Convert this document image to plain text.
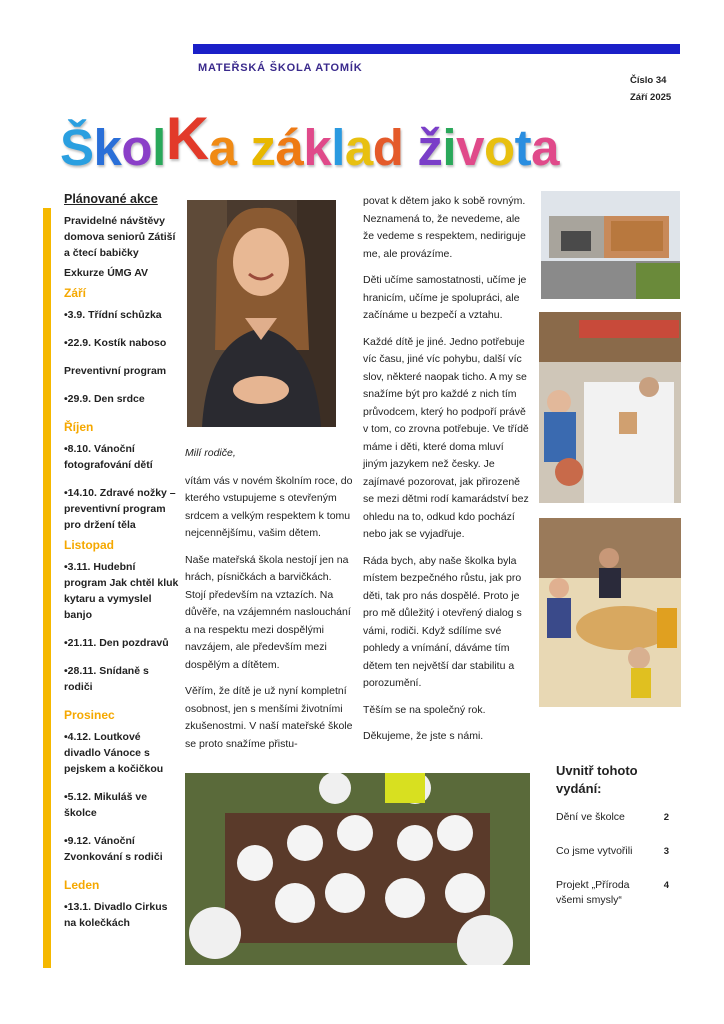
MATEŘSKÁ ŠKOLA ATOMÍK
Číslo 34
Září 2025
ŠkolKa základ života
Plánované akce
Pravidelné návštěvy domova seniorů Zátiší a čtecí babičky
Exkurze ÚMG AV
Září
•3.9. Třídní schůzka
•22.9. Kostík naboso
Preventivní program
•29.9. Den srdce
Říjen
•8.10. Vánoční fotografování dětí
•14.10. Zdravé nožky – preventivní program pro držení těla
Listopad
•3.11. Hudební program Jak chtěl kluk kytaru a vymyslel banjo
•21.11. Den pozdravů
•28.11. Snídaně s rodiči
Prosinec
•4.12. Loutkové divadlo Vánoce s pejskem a kočičkou
•5.12. Mikuláš ve školce
•9.12. Vánoční Zvonkování s rodiči
Leden
•13.1. Divadlo Cirkus na kolečkách

Milí rodiče,

vítám vás v novém školním roce, do kterého vstupujeme s otevřeným srdcem a velkým respektem k tomu nejcennějšímu, vašim dětem.

Naše mateřská škola nestojí jen na hrách, písničkách a barvičkách. Stojí především na vztazích. Na důvěře, na vzájemném naslouchání a na respektu mezi dospělými navzájem, ale především mezi dospělým a dítětem.

Věřím, že dítě je už nyní kompletní osobnost, jen s menšími životními zkušenostmi. V naší mateřské škole se proto snažíme přistu-

povat k dětem jako k sobě rovným. Neznamená to, že nevedeme, ale že vedeme s respektem, nediriguje me, ale provázíme.

Děti učíme samostatnosti, učíme je hranicím, učíme je spolupráci, ale začínáme u bezpečí a vztahu.

Každé dítě je jiné. Jedno potřebuje víc času, jiné víc pohybu, další víc slov, některé naopak ticho. A my se snažíme být pro každé z nich tím průvodcem, který ho podpoří právě v tom, co zrovna potřebuje. Ve třídě máme i děti, které doma mluví jiným jazykem než česky. Je zajímavé pozorovat, jak přirozeně se mezi dětmi rodí kamarádství bez ohledu na to, odkud kdo pochází nebo jak se vyjadřuje.

Ráda bych, aby naše školka byla místem bezpečného růstu, jak pro děti, tak pro nás dospělé. Proto je pro mě důležitý i otevřený dialog s vámi, rodiči. Když sdílíme své pohledy a vnímání, dáváme tím dětem ten největší dar stabilitu a porozumění.

Těším se na společný rok.

Děkujeme, že jste s námi.

Uvnitř tohoto vydání:
Dění ve školce	2
Co jsme vytvořili	3
Projekt „Příroda všemi smysly“
4
